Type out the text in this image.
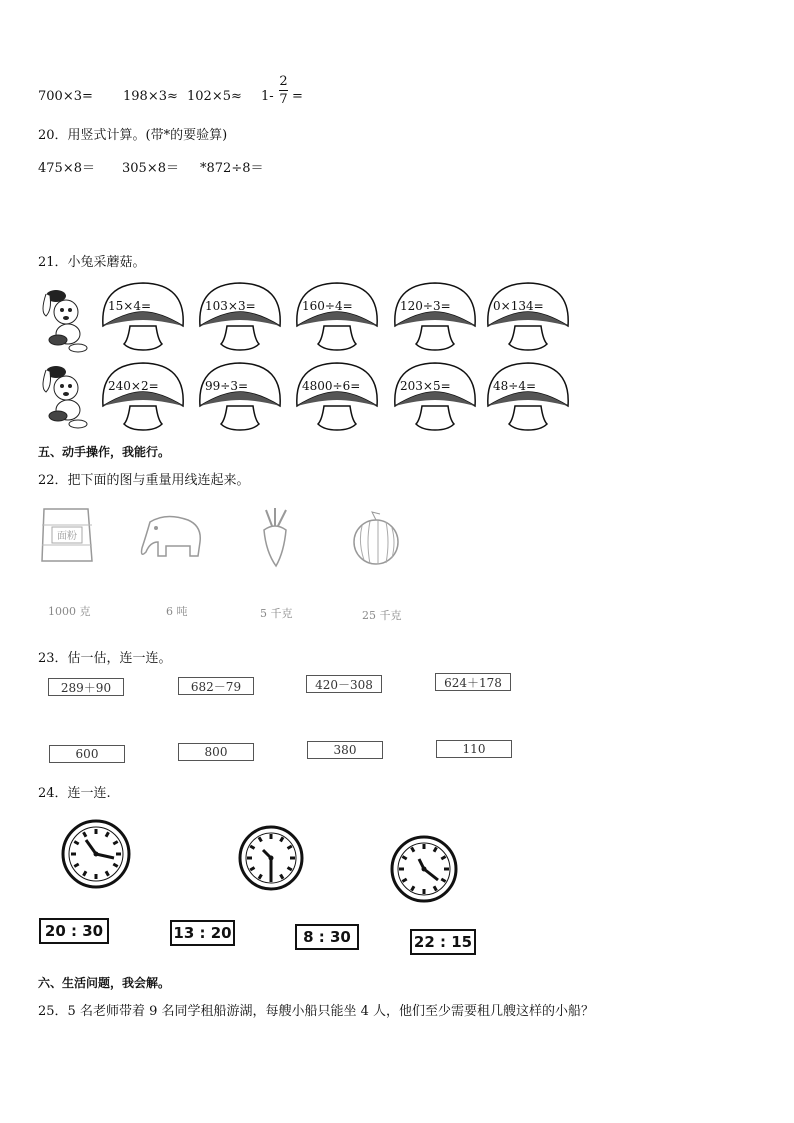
700×3= 198×3≈ 102×5≈ 1-
2
7 =
20．用竖式计算。(带*的要验算)
475×8＝ 305×8＝ *872÷8＝
21．小兔采蘑菇。
15×4=	103×3=	160÷4=	120÷3=	0×134=
240×2=	99÷3=	4800÷6=	203×5=	48÷4=
五、动手操作，我能行。
22．把下面的图与重量用线连起来。
面粉
1000 克	6 吨	5 千克	25 千克
23．估一估，连一连。
289＋90	682－79	420－308	624＋178
600	800	380	110
24．连一连.
20 : 30	13 : 20	8 : 30	22 : 15
六、生活问题，我会解。
25．5 名老师带着 9 名同学租船游湖，每艘小船只能坐 4 人，他们至少需要租几艘这样的小船？
